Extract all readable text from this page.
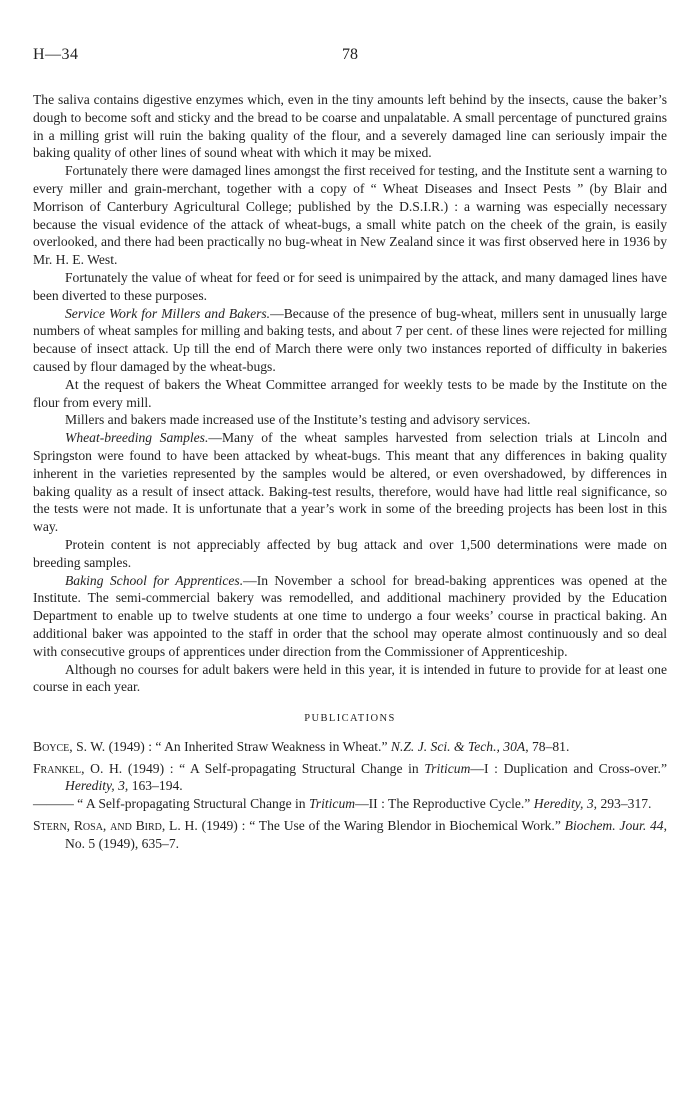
H—34	78

The saliva contains digestive enzymes which, even in the tiny amounts left behind by the insects, cause the baker’s dough to become soft and sticky and the bread to be coarse and unpalatable. A small percentage of punctured grains in a milling grist will ruin the baking quality of the flour, and a severely damaged line can seriously impair the baking quality of other lines of sound wheat with which it may be mixed.

Fortunately there were damaged lines amongst the first received for testing, and the Institute sent a warning to every miller and grain-merchant, together with a copy of “ Wheat Diseases and Insect Pests ” (by Blair and Morrison of Canterbury Agricultural College; published by the D.S.I.R.) : a warning was especially necessary because the visual evidence of the attack of wheat-bugs, a small white patch on the cheek of the grain, is easily overlooked, and there had been practically no bug-wheat in New Zealand since it was first observed here in 1936 by Mr. H. E. West.

Fortunately the value of wheat for feed or for seed is unimpaired by the attack, and many damaged lines have been diverted to these purposes.

Service Work for Millers and Bakers.—Because of the presence of bug-wheat, millers sent in unusually large numbers of wheat samples for milling and baking tests, and about 7 per cent. of these lines were rejected for milling because of insect attack. Up till the end of March there were only two instances reported of difficulty in bakeries caused by flour damaged by the wheat-bugs.

At the request of bakers the Wheat Committee arranged for weekly tests to be made by the Institute on the flour from every mill.

Millers and bakers made increased use of the Institute’s testing and advisory services.

Wheat-breeding Samples.—Many of the wheat samples harvested from selection trials at Lincoln and Springston were found to have been attacked by wheat-bugs. This meant that any differences in baking quality inherent in the varieties represented by the samples would be altered, or even overshadowed, by differences in baking quality as a result of insect attack. Baking-test results, therefore, would have had little real significance, so the tests were not made. It is unfortunate that a year’s work in some of the breeding projects has been lost in this way.

Protein content is not appreciably affected by bug attack and over 1,500 determinations were made on breeding samples.

Baking School for Apprentices.—In November a school for bread-baking apprentices was opened at the Institute. The semi-commercial bakery was remodelled, and additional machinery provided by the Education Department to enable up to twelve students at one time to undergo a four weeks’ course in practical baking. An additional baker was appointed to the staff in order that the school may operate almost continuously and so deal with consecutive groups of apprentices under direction from the Commissioner of Apprenticeship.

Although no courses for adult bakers were held in this year, it is intended in future to provide for at least one course in each year.

PUBLICATIONS

Boyce, S. W. (1949) : “ An Inherited Straw Weakness in Wheat.” N.Z. J. Sci. & Tech., 30A, 78–81.

Frankel, O. H. (1949) : “ A Self-propagating Structural Change in Triticum—I : Duplication and Cross-over.” Heredity, 3, 163–194.

——— “ A Self-propagating Structural Change in Triticum—II : The Reproductive Cycle.” Heredity, 3, 293–317.

Stern, Rosa, and Bird, L. H. (1949) : “ The Use of the Waring Blendor in Biochemical Work.” Biochem. Jour. 44, No. 5 (1949), 635–7.
